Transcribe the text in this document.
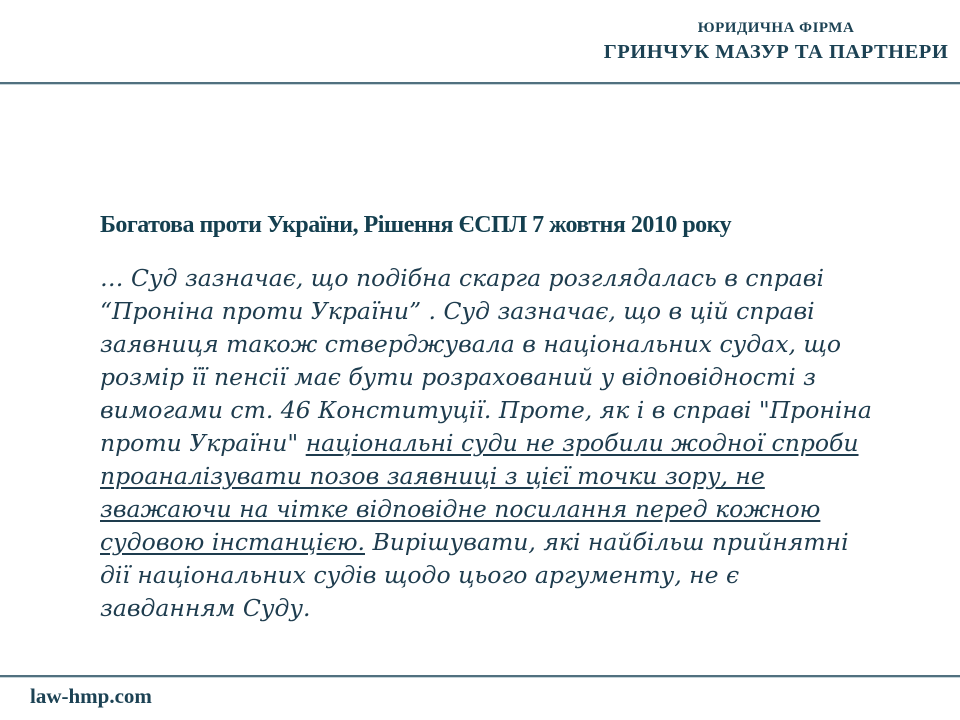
ЮРИДИЧНА ФІРМА
ГРИНЧУК МАЗУР ТА ПАРТНЕРИ
Богатова проти України, Рішення ЄСПЛ 7 жовтня 2010 року

… Суд зазначає, що подібна скарга розглядалась в справі “Проніна проти України” . Суд зазначає, що в цій справі заявниця також стверджувала в національних судах, що розмір її пенсії має бути розрахований у відповідності з вимогами ст. 46 Конституції. Проте, як і в справі "Проніна проти України" національні суди не зробили жодної спроби проаналізувати позов заявниці з цієї точки зору, не зважаючи на чітке відповідне посилання перед кожною судовою інстанцією. Вирішувати, які найбільш прийнятні дії національних судів щодо цього аргументу, не є завданням Суду.

law-hmp.com
